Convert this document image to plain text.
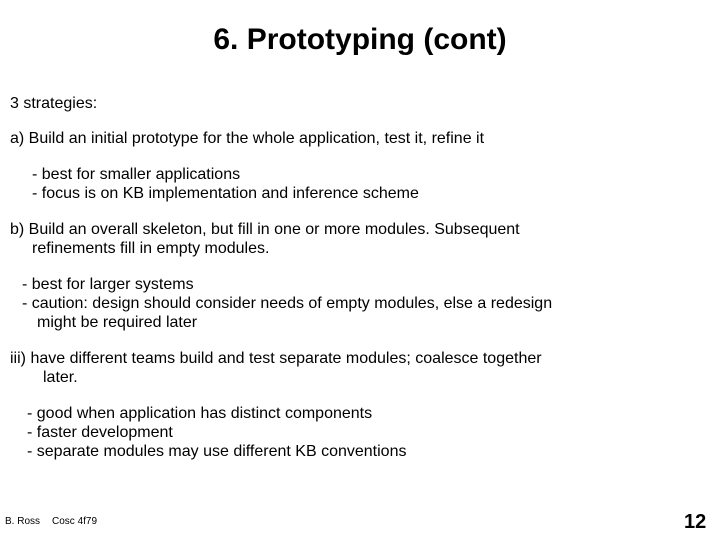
6. Prototyping (cont)
3 strategies:
a) Build an initial prototype for the whole application, test it, refine it
- best for smaller applications
- focus is on KB implementation and inference scheme
b) Build an overall skeleton, but fill in one or more modules. Subsequent
refinements fill in empty modules.
- best for larger systems
- caution: design should consider needs of empty modules, else a redesign
might be required later
iii) have different teams build and test separate modules; coalesce together
later.
- good when application has distinct components
- faster development
- separate modules may use different KB conventions
B. Ross Cosc 4f79	12
